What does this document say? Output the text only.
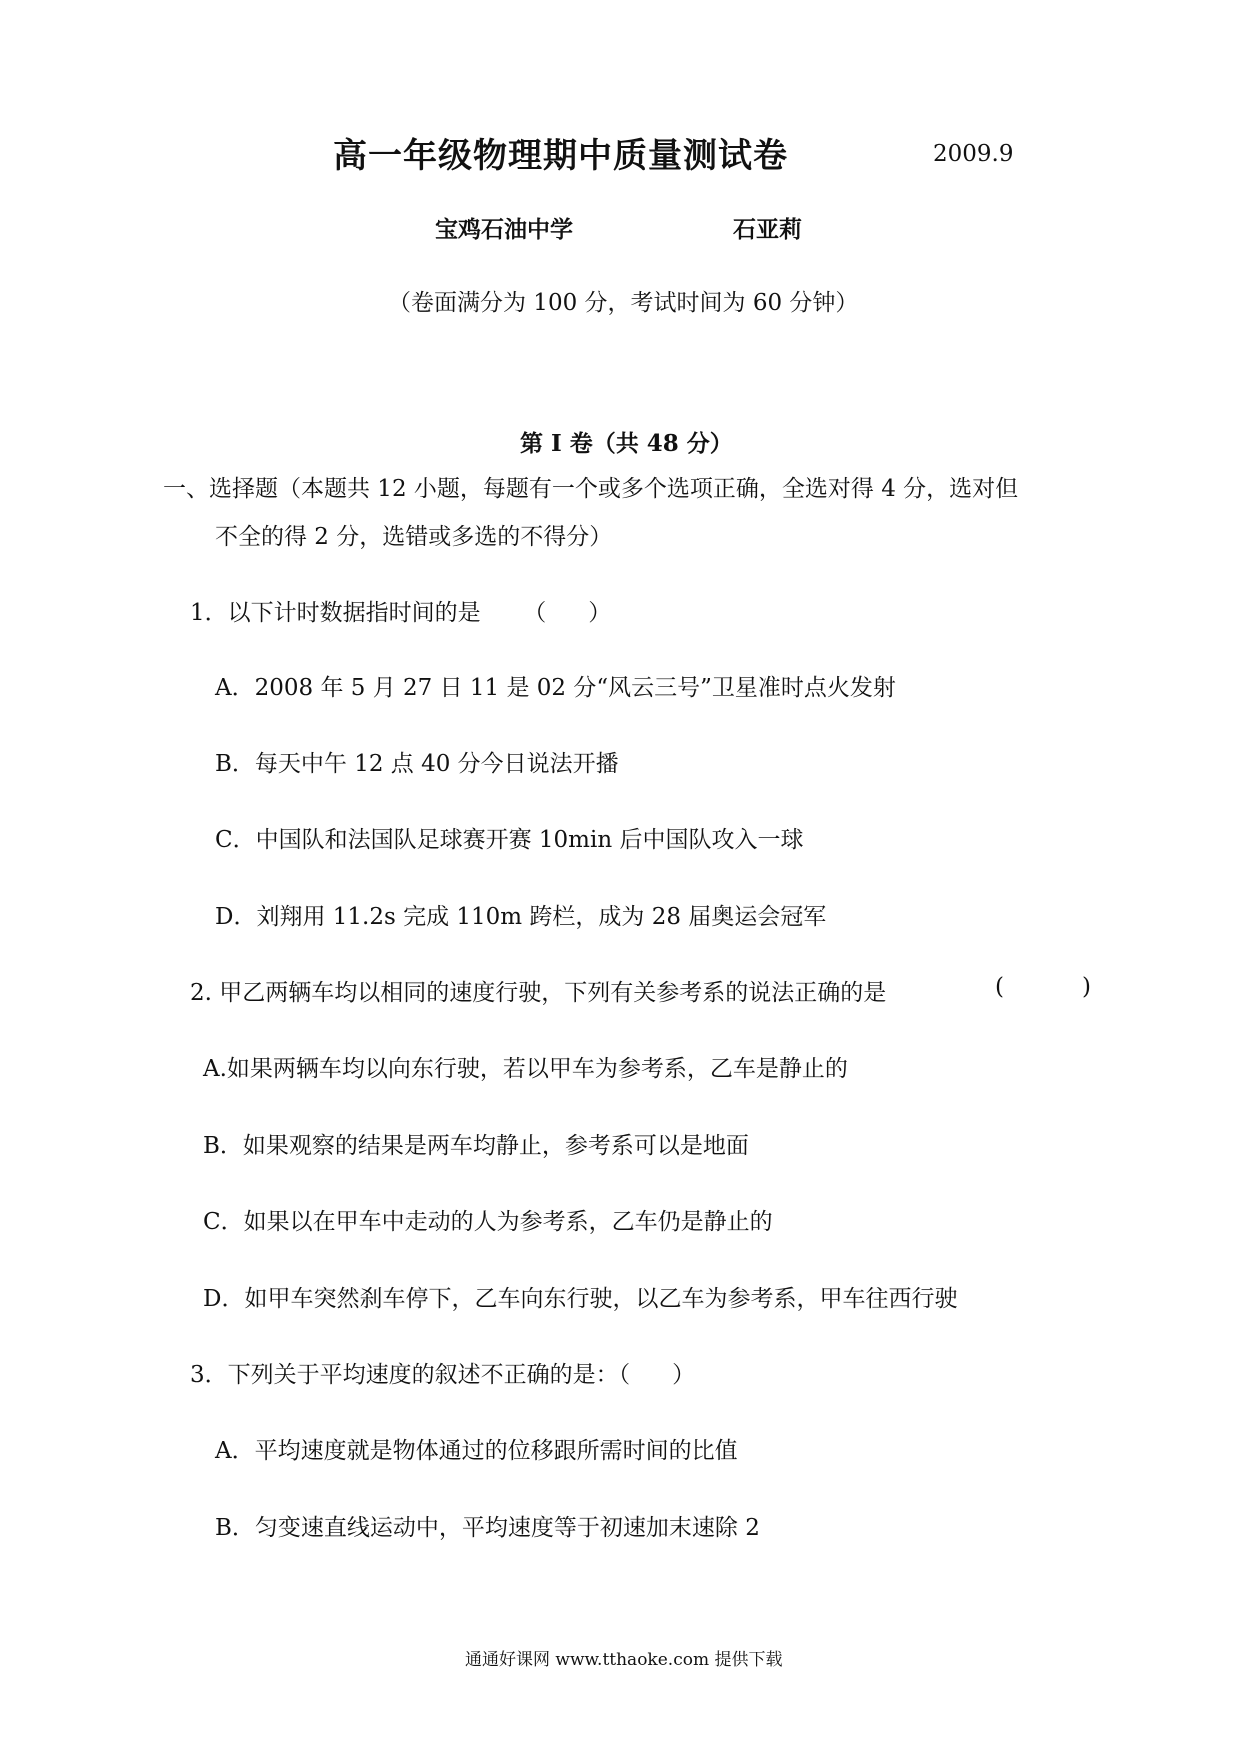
高一年级物理期中质量测试卷	2009.9
宝鸡石油中学	石亚莉
（卷面满分为 100 分，考试时间为 60 分钟）
第 I 卷（共 48 分）
一、选择题（本题共 12 小题，每题有一个或多个选项正确，全选对得 4 分，选对但
不全的得 2 分，选错或多选的不得分）
1．以下计时数据指时间的是 （ ）
A．2008 年 5 月 27 日 11 是 02 分“风云三号”卫星准时点火发射
B．每天中午 12 点 40 分今日说法开播
C．中国队和法国队足球赛开赛 10min 后中国队攻入一球
D．刘翔用 11.2s 完成 110m 跨栏，成为 28 届奥运会冠军
2. 甲乙两辆车均以相同的速度行驶，下列有关参考系的说法正确的是	(	)
A.如果两辆车均以向东行驶，若以甲车为参考系，乙车是静止的
B．如果观察的结果是两车均静止，参考系可以是地面
C．如果以在甲车中走动的人为参考系，乙车仍是静止的
D．如甲车突然刹车停下，乙车向东行驶，以乙车为参考系，甲车往西行驶
3．下列关于平均速度的叙述不正确的是：（ ）
A．平均速度就是物体通过的位移跟所需时间的比值
B．匀变速直线运动中，平均速度等于初速加末速除 2
通通好课网 www.tthaoke.com 提供下载
